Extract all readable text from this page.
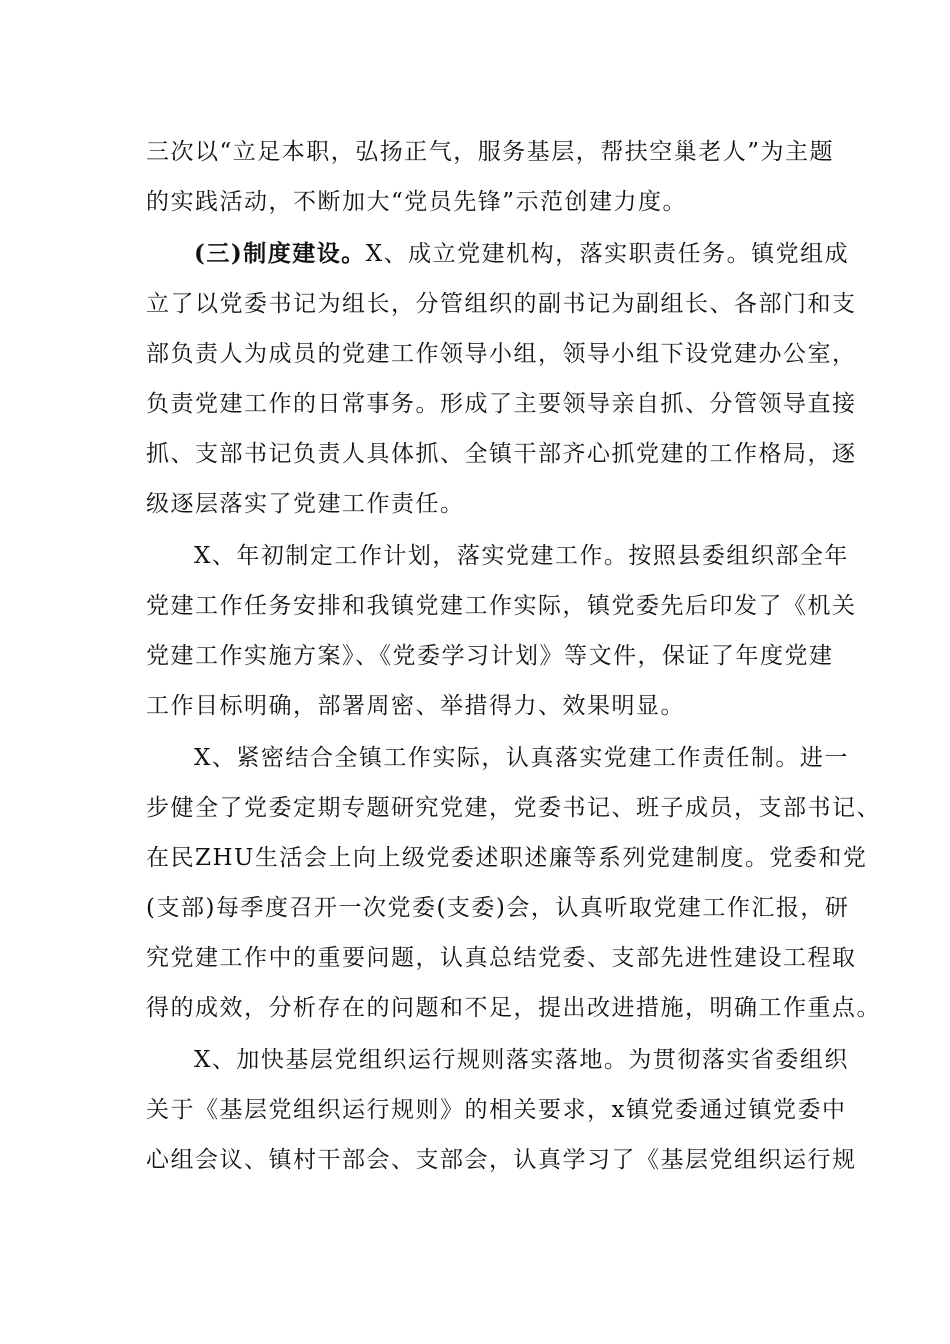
三次以“立足本职，弘扬正气，服务基层，帮扶空巢老人”为主题
的实践活动，不断加大“党员先锋”示范创建力度。
(三)制度建设。X、成立党建机构，落实职责任务。镇党组成
立了以党委书记为组长，分管组织的副书记为副组长、各部门和支
部负责人为成员的党建工作领导小组，领导小组下设党建办公室，
负责党建工作的日常事务。形成了主要领导亲自抓、分管领导直接
抓、支部书记负责人具体抓、全镇干部齐心抓党建的工作格局，逐
级逐层落实了党建工作责任。
X、年初制定工作计划，落实党建工作。按照县委组织部全年
党建工作任务安排和我镇党建工作实际，镇党委先后印发了《机关
党建工作实施方案》、《党委学习计划》等文件，保证了年度党建
工作目标明确，部署周密、举措得力、效果明显。
X、紧密结合全镇工作实际，认真落实党建工作责任制。进一
步健全了党委定期专题研究党建，党委书记、班子成员，支部书记、
在民ZHU生活会上向上级党委述职述廉等系列党建制度。党委和党
(支部)每季度召开一次党委(支委)会，认真听取党建工作汇报，研
究党建工作中的重要问题，认真总结党委、支部先进性建设工程取
得的成效，分析存在的问题和不足，提出改进措施，明确工作重点。
X、加快基层党组织运行规则落实落地。为贯彻落实省委组织
关于《基层党组织运行规则》的相关要求，x镇党委通过镇党委中
心组会议、镇村干部会、支部会，认真学习了《基层党组织运行规
